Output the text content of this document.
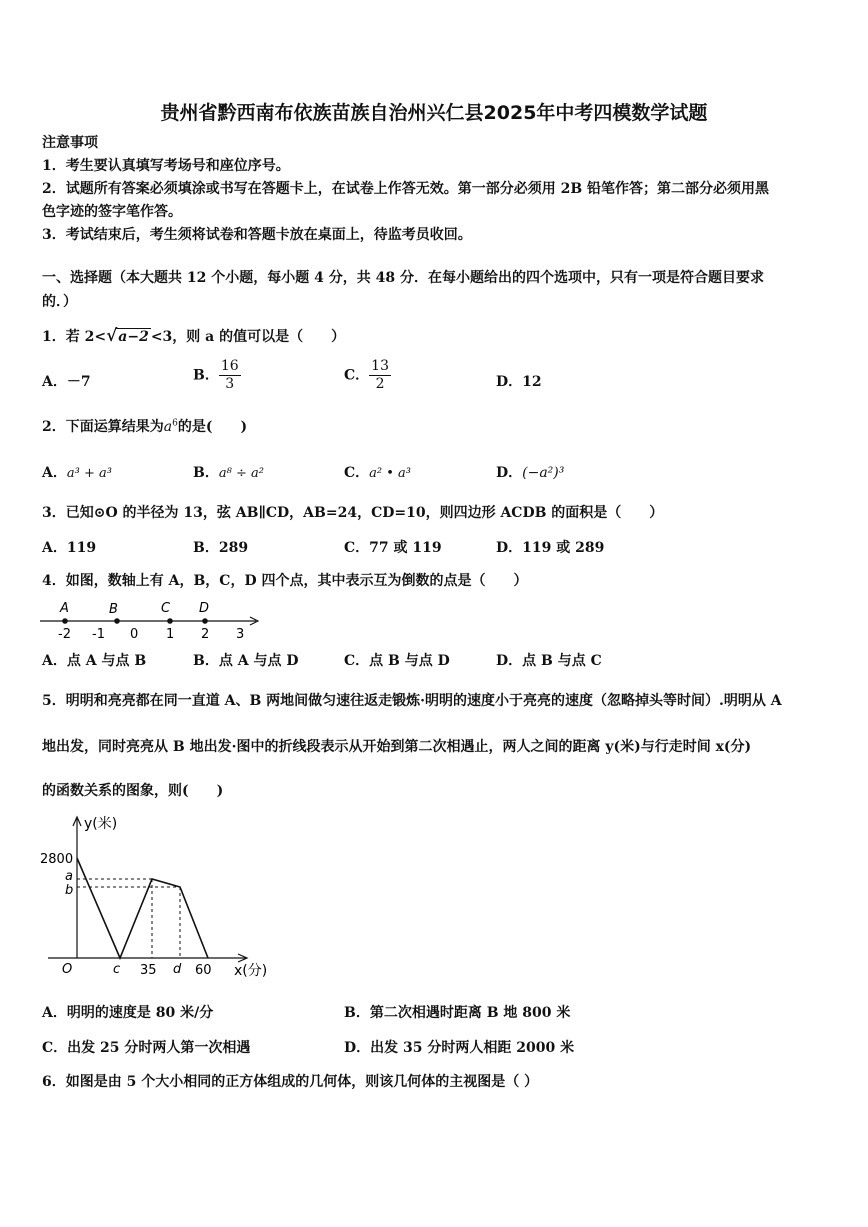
贵州省黔西南布依族苗族自治州兴仁县2025年中考四模数学试题
注意事项
1．考生要认真填写考场号和座位序号。
2．试题所有答案必须填涂或书写在答题卡上，在试卷上作答无效。第一部分必须用 2B 铅笔作答；第二部分必须用黑
色字迹的签字笔作答。
3．考试结束后，考生须将试卷和答题卡放在桌面上，待监考员收回。
一、选择题（本大题共 12 个小题，每小题 4 分，共 48 分．在每小题给出的四个选项中，只有一项是符合题目要求
的．）
1．若 2<√a−2 <3，则 a 的值可以是（　　）
A．－7	B． $\frac{16}{3}$	C． $\frac{13}{2}$	D．12
2．下面运算结果为$a^6$的是(　　)
A．a³ + a³	B．a⁸ ÷ a²	C．a² • a³	D．(−a²)³
3．已知⊙O 的半径为 13，弦 AB∥CD，AB=24，CD=10，则四边形 ACDB 的面积是（　　）
A．119	B．289	C．77 或 119	D．119 或 289
4．如图，数轴上有 A，B，C，D 四个点，其中表示互为倒数的点是（　　）
A	B	C D
-2 -1 0 1 2 3
A．点 A 与点 B	B．点 A 与点 D	C．点 B 与点 D	D．点 B 与点 C
5．明明和亮亮都在同一直道 A、B 两地间做匀速往返走锻炼·明明的速度小于亮亮的速度（忽略掉头等时间）.明明从 A
地出发，同时亮亮从 B 地出发·图中的折线段表示从开始到第二次相遇止，两人之间的距离 y(米)与行走时间 x(分)
的函数关系的图象，则(　　)
y(米)
x(分)
2800
a
b
O	c 35 d 60
A．明明的速度是 80 米/分	B．第二次相遇时距离 B 地 800 米
C．出发 25 分时两人第一次相遇	D．出发 35 分时两人相距 2000 米
6．如图是由 5 个大小相同的正方体组成的几何体，则该几何体的主视图是（ ）
